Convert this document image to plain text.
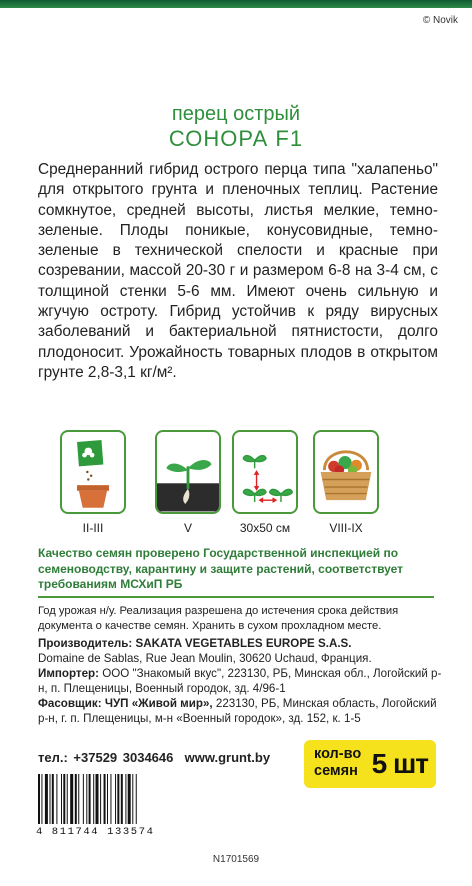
© Novik
перец острый
СОНОРА F1
Среднеранний гибрид острого перца типа "халапеньо" для открытого грунта и пленочных теплиц. Растение сомкнутое, средней высоты, листья мелкие, темно-зеленые. Плоды поникые, конусовидные, темно-зеленые в технической спелости и красные при созревании, массой 20-30 г и размером 6-8 на 3-4 см, с толщиной стенки 5-6 мм. Имеют очень сильную и жгучую остроту. Гибрид устойчив к ряду вирусных заболеваний и бактериальной пятнистости, долго плодоносит. Урожайность товарных плодов в открытом грунте 2,8-3,1 кг/м².
II-III	V	30x50 см	VIII-IX
Качество семян проверено Государственной инспекцией по семеноводству, карантину и защите растений, соответствует требованиям МСХиП РБ
Год урожая н/у. Реализация разрешена до истечения срока действия документа о качестве семян. Хранить в сухом прохладном месте.
Производитель: SAKATA VEGETABLES EUROPE S.A.S.
Domaine de Sablas, Rue Jean Moulin, 30620 Uchaud, Франция.
Импортер: ООО "Знакомый вкус", 223130, РБ, Минская обл., Логойский р-н, п. Плещеницы, Военный городок, зд. 4/96-1
Фасовщик: ЧУП «Живой мир», 223130, РБ, Минская область, Логойский р-н, г. п. Плещеницы, м-н «Военный городок», зд. 152, к. 1-5
тел.: +37529 3034646 www.grunt.by	кол-во
семян 5 шт
4 811744 133574
N1701569
